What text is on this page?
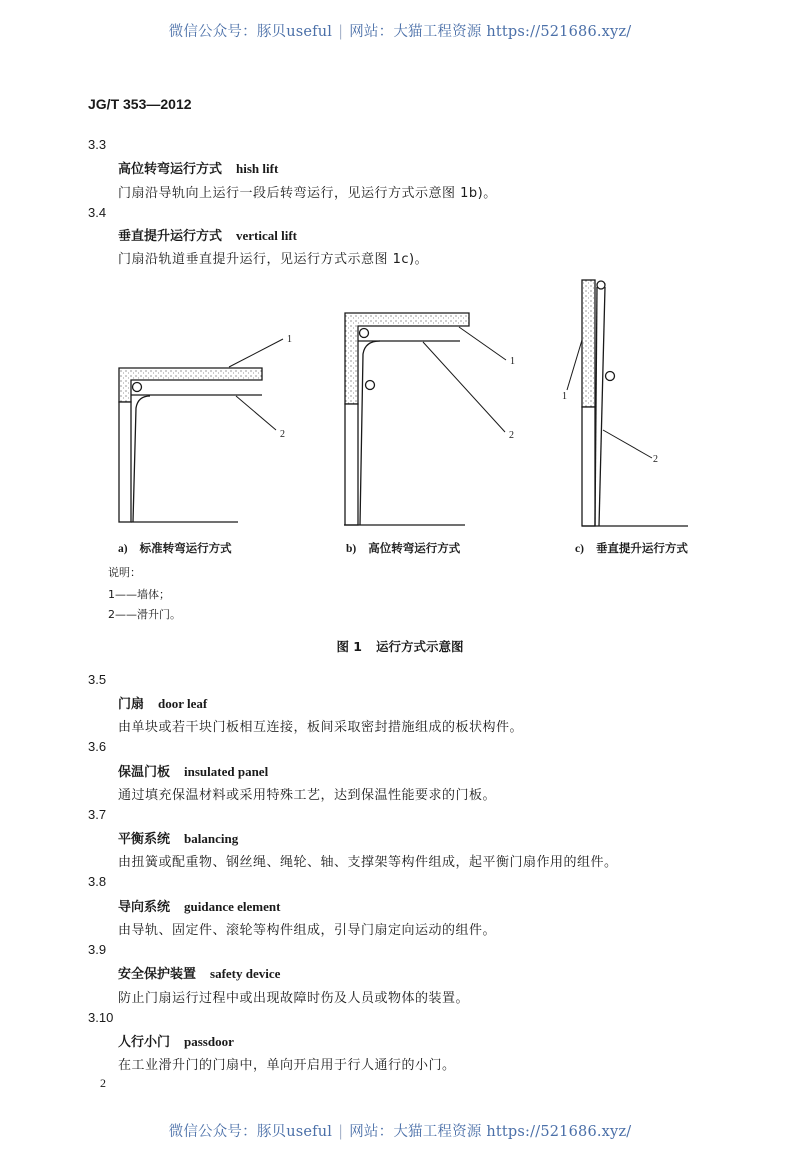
微信公众号：豚贝useful | 网站：大猫工程资源 https://521686.xyz/
JG/T 353—2012
3.3
高位转弯运行方式 hish lift
门扇沿导轨向上运行一段后转弯运行，见运行方式示意图 1b)。
3.4
垂直提升运行方式 vertical lift
门扇沿轨道垂直提升运行，见运行方式示意图 1c)。
1
2
1
2
1
2
a) 标准转弯运行方式	b) 高位转弯运行方式	c) 垂直提升运行方式
说明：
1——墙体；
2——滑升门。
图 1 运行方式示意图
3.5
门扇 door leaf
由单块或若干块门板相互连接，板间采取密封措施组成的板状构件。
3.6
保温门板 insulated panel
通过填充保温材料或采用特殊工艺，达到保温性能要求的门板。
3.7
平衡系统 balancing
由扭簧或配重物、钢丝绳、绳轮、轴、支撑架等构件组成，起平衡门扇作用的组件。
3.8
导向系统 guidance element
由导轨、固定件、滚轮等构件组成，引导门扇定向运动的组件。
3.9
安全保护装置 safety device
防止门扇运行过程中或出现故障时伤及人员或物体的装置。
3.10
人行小门 passdoor
在工业滑升门的门扇中，单向开启用于行人通行的小门。
2
微信公众号：豚贝useful | 网站：大猫工程资源 https://521686.xyz/
